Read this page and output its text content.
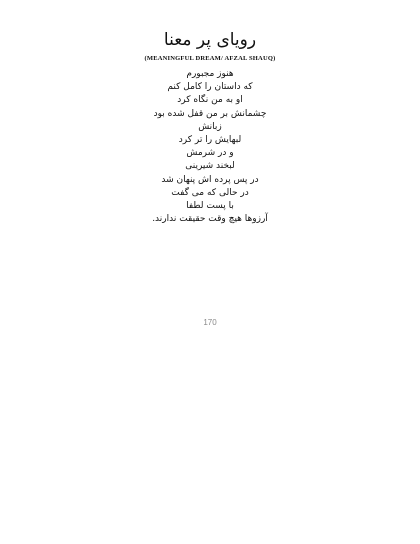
رویای پر معنا
(MEANINGFUL DREAM/ AFZAL SHAUQ)
هنوز مجبورم
که داستان را کامل کنم
او به من نگاه کرد
چشمانش بر من قفل شده بود
زبانش
لبهایش را تر کرد
و در شرمش
لبخند شیرینی
در پس پرده اش پنهان شد
در حالی که می گفت
با پست لطفا
آرزوها هیچ وقت حقیقت ندارند.
170
